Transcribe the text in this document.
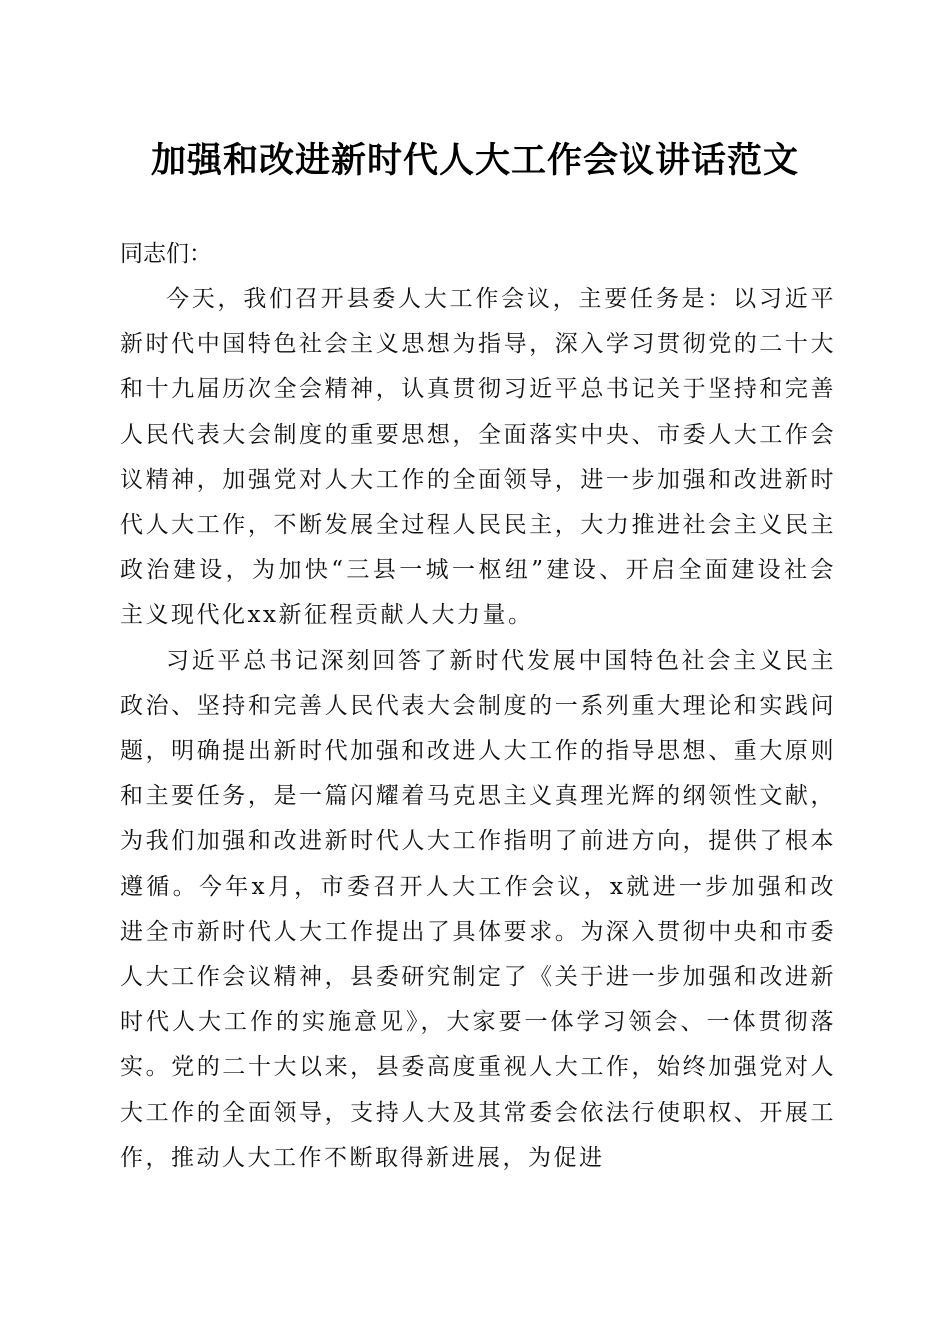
加强和改进新时代人大工作会议讲话范文

同志们：

今天，我们召开县委人大工作会议，主要任务是：以习近平新时代中国特色社会主义思想为指导，深入学习贯彻党的二十大和十九届历次全会精神，认真贯彻习近平总书记关于坚持和完善人民代表大会制度的重要思想，全面落实中央、市委人大工作会议精神，加强党对人大工作的全面领导，进一步加强和改进新时代人大工作，不断发展全过程人民民主，大力推进社会主义民主政治建设，为加快“三县一城一枢纽”建设、开启全面建设社会主义现代化xx新征程贡献人大力量。

习近平总书记深刻回答了新时代发展中国特色社会主义民主政治、坚持和完善人民代表大会制度的一系列重大理论和实践问题，明确提出新时代加强和改进人大工作的指导思想、重大原则和主要任务，是一篇闪耀着马克思主义真理光辉的纲领性文献，为我们加强和改进新时代人大工作指明了前进方向，提供了根本遵循。今年x月，市委召开人大工作会议，x就进一步加强和改进全市新时代人大工作提出了具体要求。为深入贯彻中央和市委人大工作会议精神，县委研究制定了《关于进一步加强和改进新时代人大工作的实施意见》，大家要一体学习领会、一体贯彻落实。党的二十大以来，县委高度重视人大工作，始终加强党对人大工作的全面领导，支持人大及其常委会依法行使职权、开展工作，推动人大工作不断取得新进展，为促进
